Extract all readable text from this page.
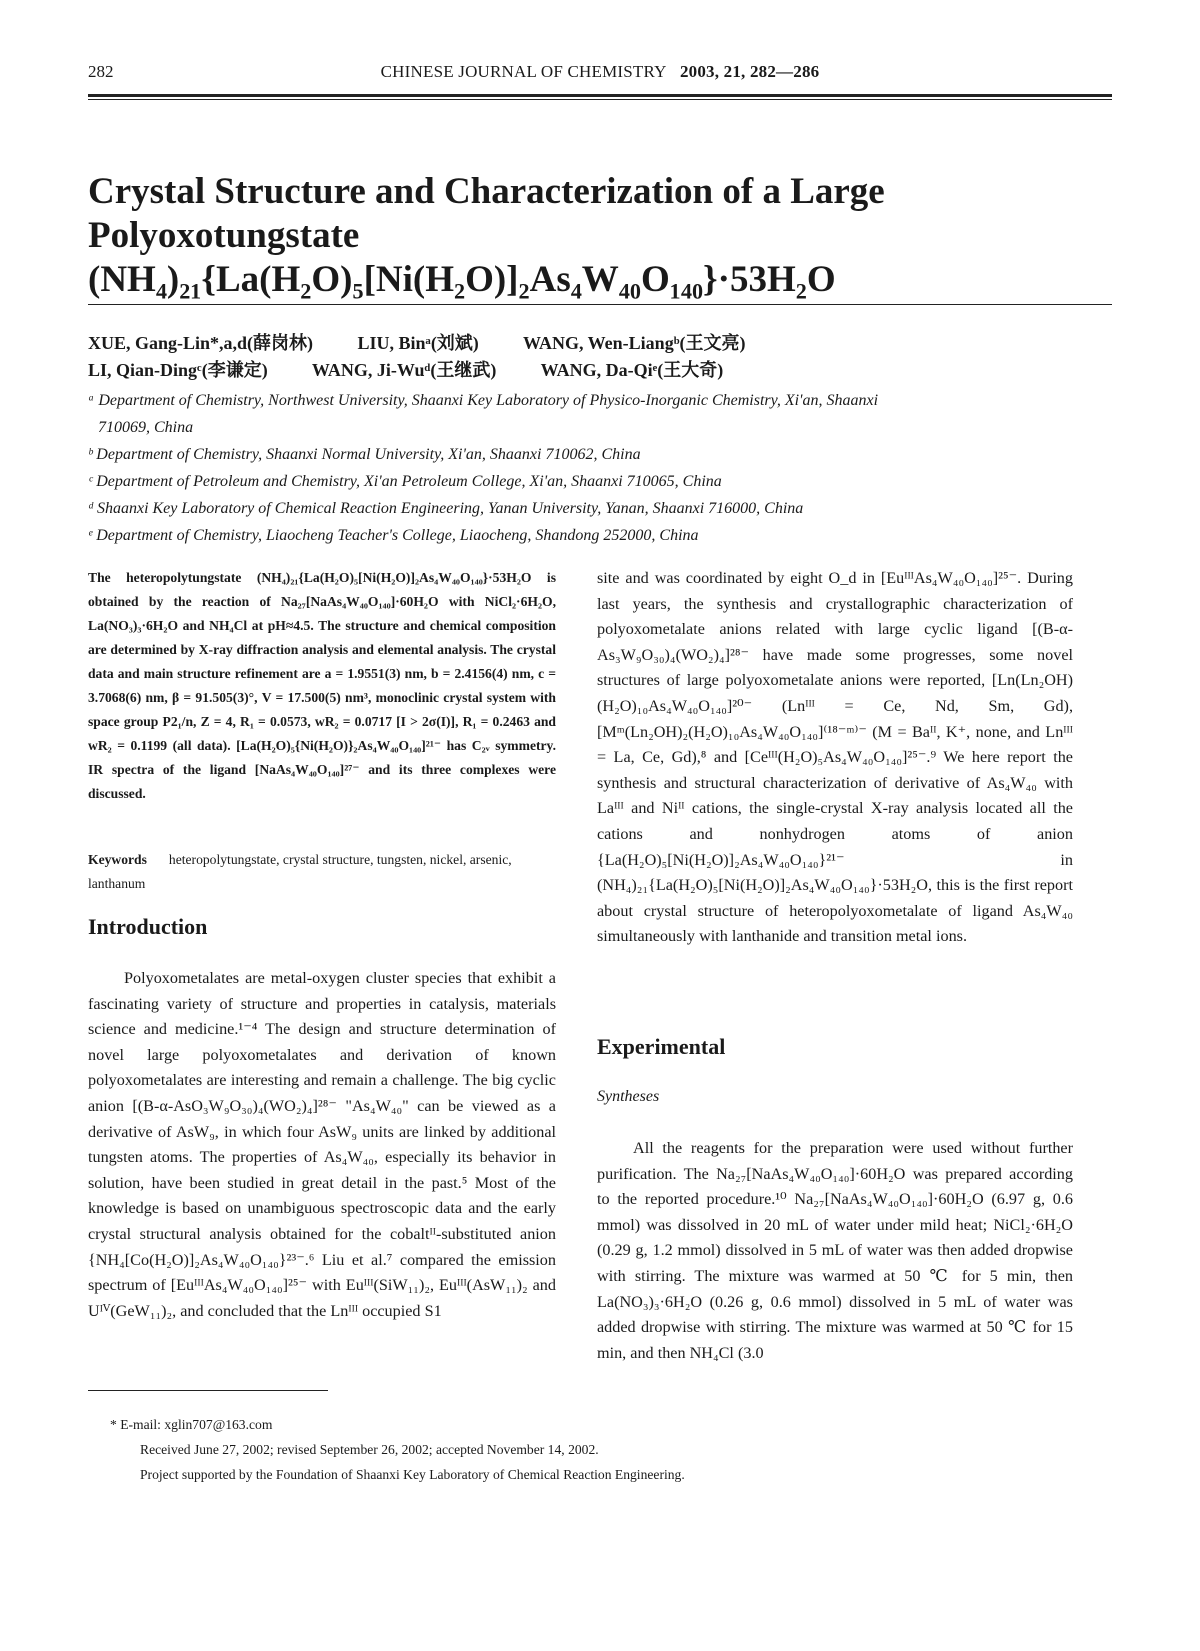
282	CHINESE JOURNAL OF CHEMISTRY 2003, 21, 282—286
Crystal Structure and Characterization of a Large Polyoxotungstate
(NH₄)₂₁{La(H₂O)₅[Ni(H₂O)]₂As₄W₄₀O₁₄₀}·53H₂O
XUE, Gang-Lin*,a,d(薛岗林) LIU, Binᵃ(刘斌) WANG, Wen-Liangᵇ(王文亮)
LI, Qian-Dingᶜ(李谦定) WANG, Ji-Wuᵈ(王继武) WANG, Da-Qiᵉ(王大奇)

ᵃ Department of Chemistry, Northwest University, Shaanxi Key Laboratory of Physico-Inorganic Chemistry, Xi'an, Shaanxi

710069, China

ᵇ Department of Chemistry, Shaanxi Normal University, Xi'an, Shaanxi 710062, China

ᶜ Department of Petroleum and Chemistry, Xi'an Petroleum College, Xi'an, Shaanxi 710065, China

ᵈ Shaanxi Key Laboratory of Chemical Reaction Engineering, Yanan University, Yanan, Shaanxi 716000, China

ᵉ Department of Chemistry, Liaocheng Teacher's College, Liaocheng, Shandong 252000, China

The heteropolytungstate (NH₄)₂₁{La(H₂O)₅[Ni(H₂O)]₂As₄W₄₀O₁₄₀}·53H₂O is obtained by the reaction of Na₂₇[NaAs₄W₄₀O₁₄₀]·60H₂O with NiCl₂·6H₂O, La(NO₃)₃·6H₂O and NH₄Cl at pH≈4.5. The structure and chemical composition are determined by X-ray diffraction analysis and elemental analysis. The crystal data and main structure refinement are a = 1.9551(3) nm, b = 2.4156(4) nm, c = 3.7068(6) nm, β = 91.505(3)°, V = 17.500(5) nm³, monoclinic crystal system with space group P2₁/n, Z = 4, R₁ = 0.0573, wR₂ = 0.0717 [I > 2σ(I)], R₁ = 0.2463 and wR₂ = 0.1199 (all data). [La(H₂O)₅{Ni(H₂O)}₂As₄W₄₀O₁₄₀]²¹⁻ has C₂ᵥ symmetry. IR spectra of the ligand [NaAs₄W₄₀O₁₄₀]²⁷⁻ and its three complexes were discussed.
Keywords heteropolytungstate, crystal structure, tungsten, nickel, arsenic, lanthanum
Introduction
Polyoxometalates are metal-oxygen cluster species that exhibit a fascinating variety of structure and properties in catalysis, materials science and medicine.¹⁻⁴ The design and structure determination of novel large polyoxometalates and derivation of known polyoxometalates are interesting and remain a challenge. The big cyclic anion [(B-α-AsO₃W₉O₃₀)₄(WO₂)₄]²⁸⁻ "As₄W₄₀" can be viewed as a derivative of AsW₉, in which four AsW₉ units are linked by additional tungsten atoms. The properties of As₄W₄₀, especially its behavior in solution, have been studied in great detail in the past.⁵ Most of the knowledge is based on unambiguous spectroscopic data and the early crystal structural analysis obtained for the cobaltᴵᴵ-substituted anion {NH₄[Co(H₂O)]₂As₄W₄₀O₁₄₀}²³⁻.⁶ Liu et al.⁷ compared the emission spectrum of [EuᴵᴵᴵAs₄W₄₀O₁₄₀]²⁵⁻ with Euᴵᴵᴵ(SiW₁₁)₂, Euᴵᴵᴵ(AsW₁₁)₂ and Uᴵⱽ(GeW₁₁)₂, and concluded that the Lnᴵᴵᴵ occupied S1
site and was coordinated by eight O_d in [EuᴵᴵᴵAs₄W₄₀O₁₄₀]²⁵⁻. During last years, the synthesis and crystallographic characterization of polyoxometalate anions related with large cyclic ligand [(B-α-As₃W₉O₃₀)₄(WO₂)₄]²⁸⁻ have made some progresses, some novel structures of large polyoxometalate anions were reported, [Ln(Ln₂OH)(H₂O)₁₀As₄W₄₀O₁₄₀]²⁰⁻ (Lnᴵᴵᴵ = Ce, Nd, Sm, Gd), [Mᵐ(Ln₂OH)₂(H₂O)₁₀As₄W₄₀O₁₄₀]⁽¹⁸⁻ᵐ⁾⁻ (M = Baᴵᴵ, K⁺, none, and Lnᴵᴵᴵ = La, Ce, Gd),⁸ and [Ceᴵᴵᴵ(H₂O)₅As₄W₄₀O₁₄₀]²⁵⁻.⁹ We here report the synthesis and structural characterization of derivative of As₄W₄₀ with Laᴵᴵᴵ and Niᴵᴵ cations, the single-crystal X-ray analysis located all the cations and nonhydrogen atoms of anion {La(H₂O)₅[Ni(H₂O)]₂As₄W₄₀O₁₄₀}²¹⁻ in (NH₄)₂₁{La(H₂O)₅[Ni(H₂O)]₂As₄W₄₀O₁₄₀}·53H₂O, this is the first report about crystal structure of heteropolyoxometalate of ligand As₄W₄₀ simultaneously with lanthanide and transition metal ions.
Experimental
Syntheses
All the reagents for the preparation were used without further purification. The Na₂₇[NaAs₄W₄₀O₁₄₀]·60H₂O was prepared according to the reported procedure.¹⁰ Na₂₇[NaAs₄W₄₀O₁₄₀]·60H₂O (6.97 g, 0.6 mmol) was dissolved in 20 mL of water under mild heat; NiCl₂·6H₂O (0.29 g, 1.2 mmol) dissolved in 5 mL of water was then added dropwise with stirring. The mixture was warmed at 50 ℃ for 5 min, then La(NO₃)₃·6H₂O (0.26 g, 0.6 mmol) dissolved in 5 mL of water was added dropwise with stirring. The mixture was warmed at 50 ℃ for 15 min, and then NH₄Cl (3.0

* E-mail: xglin707@163.com

Received June 27, 2002; revised September 26, 2002; accepted November 14, 2002.

Project supported by the Foundation of Shaanxi Key Laboratory of Chemical Reaction Engineering.
